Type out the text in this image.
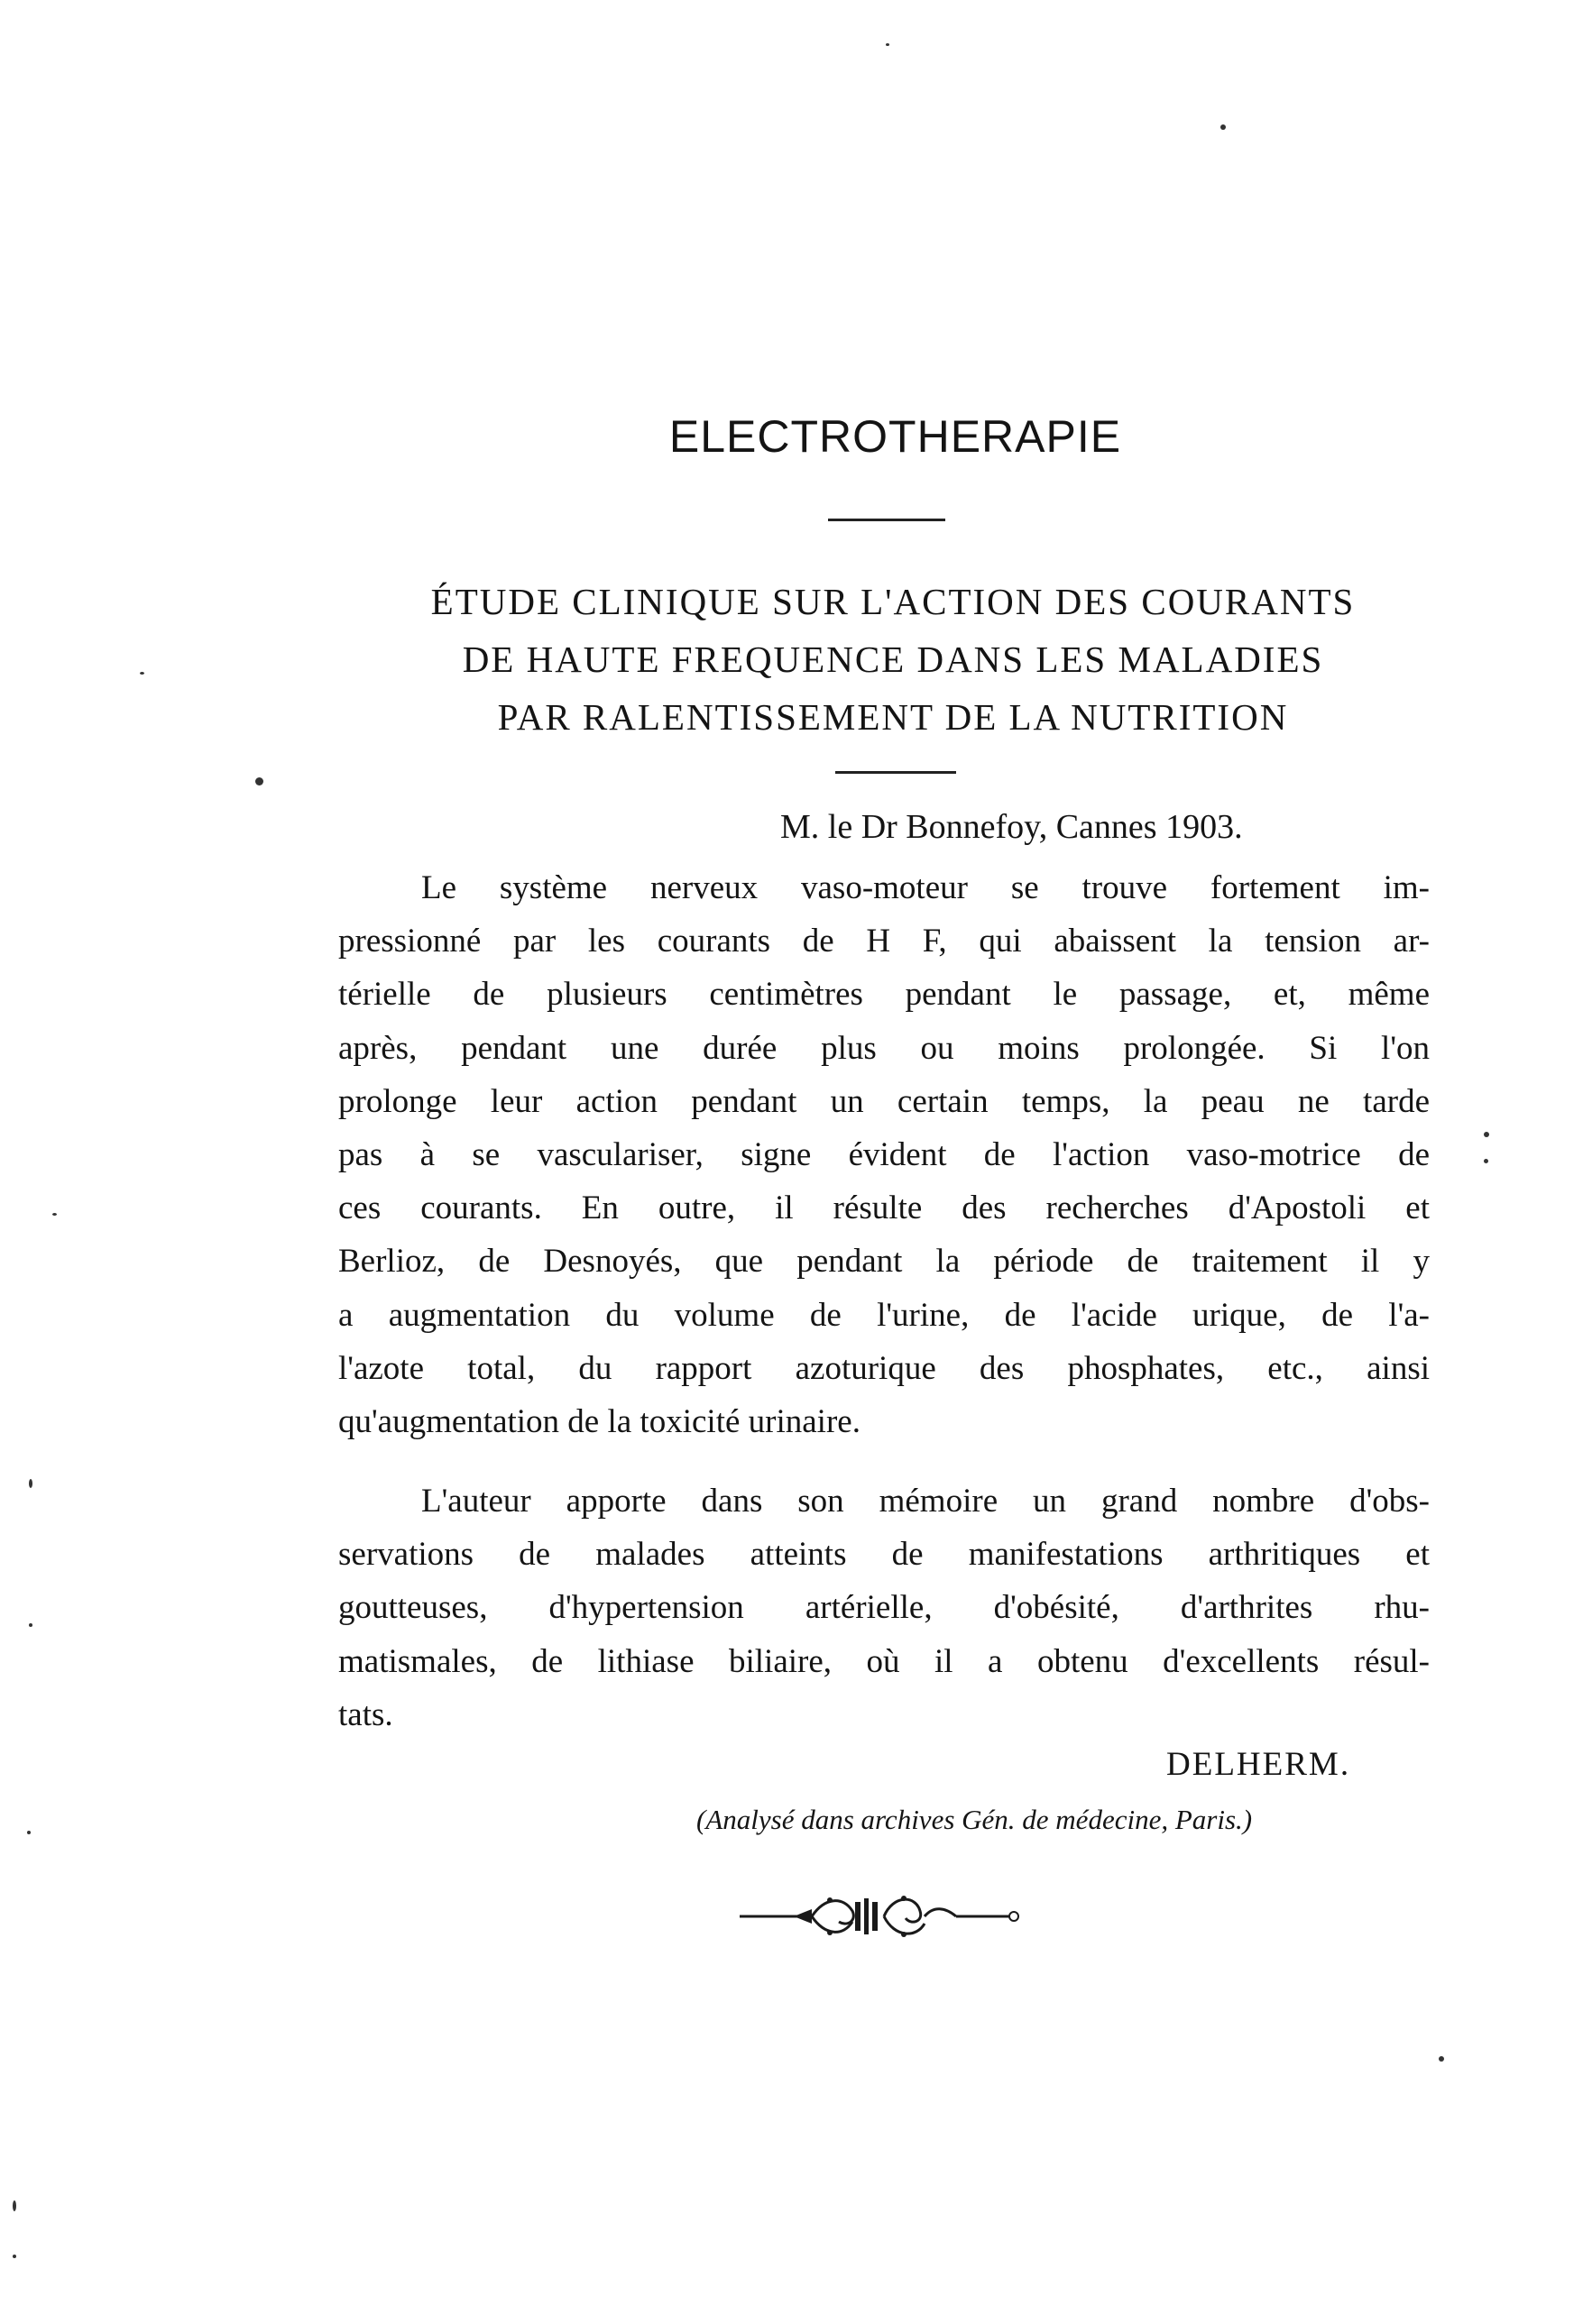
ELECTROTHERAPIE
ÉTUDE CLINIQUE SUR L'ACTION DES COURANTS
DE HAUTE FREQUENCE DANS LES MALADIES
PAR RALENTISSEMENT DE LA NUTRITION

M. le Dr Bonnefoy, Cannes 1903.

Le système nerveux vaso-moteur se trouve fortement im-
pressionné par les courants de H F, qui abaissent la tension ar-
térielle de plusieurs centimètres pendant le passage, et, même
après, pendant une durée plus ou moins prolongée. Si l'on
prolonge leur action pendant un certain temps, la peau ne tarde
pas à se vasculariser, signe évident de l'action vaso-motrice de
ces courants. En outre, il résulte des recherches d'Apostoli et
Berlioz, de Desnoyés, que pendant la période de traitement il y
a augmentation du volume de l'urine, de l'acide urique, de l'a-
l'azote total, du rapport azoturique des phosphates, etc., ainsi
qu'augmentation de la toxicité urinaire.

L'auteur apporte dans son mémoire un grand nombre d'obs-
servations de malades atteints de manifestations arthritiques et
goutteuses, d'hypertension artérielle, d'obésité, d'arthrites rhu-
matismales, de lithiase biliaire, où il a obtenu d'excellents résul-
tats.

DELHERM.

(Analysé dans archives Gén. de médecine, Paris.)
